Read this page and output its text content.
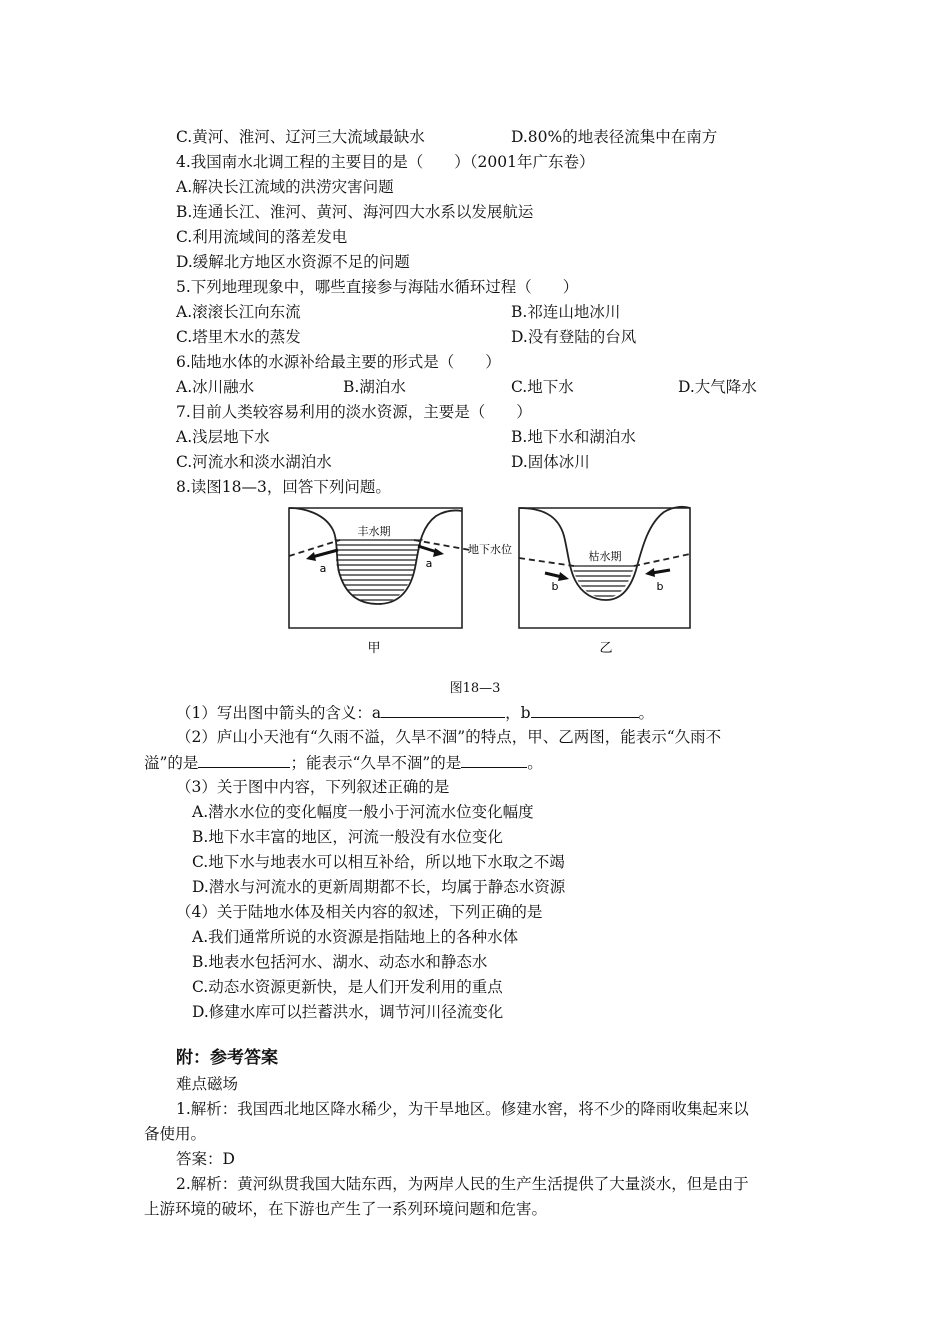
C.黄河、淮河、辽河三大流域最缺水	D.80%的地表径流集中在南方
4.我国南水北调工程的主要目的是（　　）（2001年广东卷）
A.解决长江流域的洪涝灾害问题
B.连通长江、淮河、黄河、海河四大水系以发展航运
C.利用流域间的落差发电
D.缓解北方地区水资源不足的问题
5.下列地理现象中，哪些直接参与海陆水循环过程（　　）
A.滚滚长江向东流	B.祁连山地冰川
C.塔里木水的蒸发	D.没有登陆的台风
6.陆地水体的水源补给最主要的形式是（　　）
A.冰川融水	B.湖泊水	C.地下水	D.大气降水
7.目前人类较容易利用的淡水资源，主要是（　　）
A.浅层地下水	B.地下水和湖泊水
C.河流水和淡水湖泊水	D.固体冰川
8.读图18—3，回答下列问题。
丰水期
a	a
地下水位
甲
枯水期
b	b
乙
图18—3
（1）写出图中箭头的含义：a	，b	。
（2）庐山小天池有“久雨不溢，久旱不涸”的特点，甲、乙两图，能表示“久雨不
溢”的是	；能表示“久旱不涸”的是	。
（3）关于图中内容，下列叙述正确的是
A.潜水水位的变化幅度一般小于河流水位变化幅度
B.地下水丰富的地区，河流一般没有水位变化
C.地下水与地表水可以相互补给，所以地下水取之不竭
D.潜水与河流水的更新周期都不长，均属于静态水资源
（4）关于陆地水体及相关内容的叙述，下列正确的是
A.我们通常所说的水资源是指陆地上的各种水体
B.地表水包括河水、湖水、动态水和静态水
C.动态水资源更新快，是人们开发利用的重点
D.修建水库可以拦蓄洪水，调节河川径流变化
附：参考答案
难点磁场
1.解析：我国西北地区降水稀少，为干旱地区。修建水窖，将不少的降雨收集起来以
备使用。
答案：D
2.解析：黄河纵贯我国大陆东西，为两岸人民的生产生活提供了大量淡水，但是由于
上游环境的破坏，在下游也产生了一系列环境问题和危害。
